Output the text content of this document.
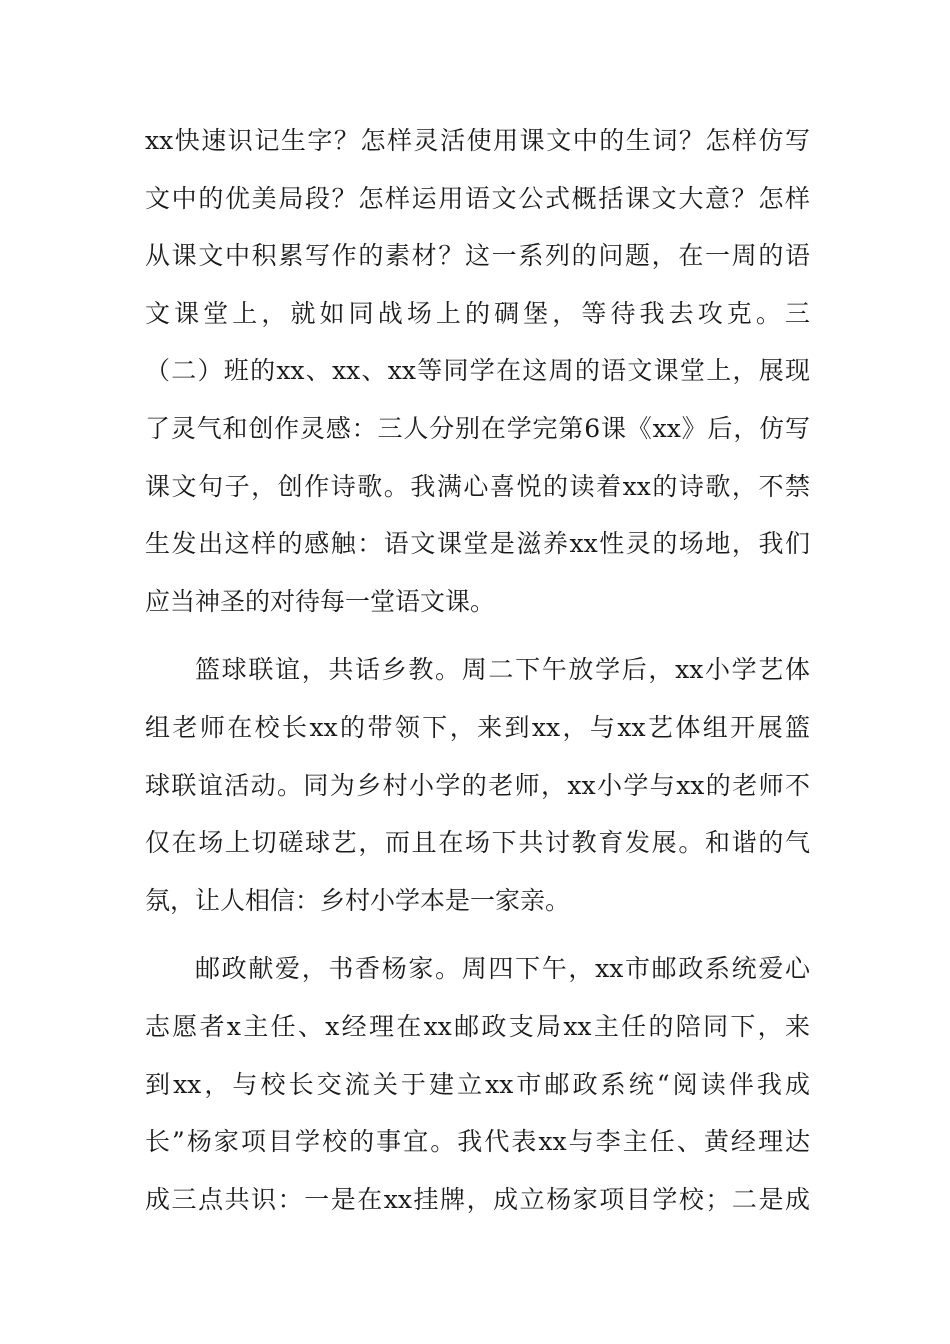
xx快速识记生字？怎样灵活使用课文中的生词？怎样仿写
文中的优美局段？怎样运用语文公式概括课文大意？怎样
从课文中积累写作的素材？这一系列的问题，在一周的语
文课堂上，就如同战场上的碉堡，等待我去攻克。三
（二）班的xx、xx、xx等同学在这周的语文课堂上，展现
了灵气和创作灵感：三人分别在学完第6课《xx》后，仿写
课文句子，创作诗歌。我满心喜悦的读着xx的诗歌，不禁
生发出这样的感触：语文课堂是滋养xx性灵的场地，我们
应当神圣的对待每一堂语文课。
篮球联谊，共话乡教。周二下午放学后，xx小学艺体
组老师在校长xx的带领下，来到xx，与xx艺体组开展篮
球联谊活动。同为乡村小学的老师，xx小学与xx的老师不
仅在场上切磋球艺，而且在场下共讨教育发展。和谐的气
氛，让人相信：乡村小学本是一家亲。
邮政献爱，书香杨家。周四下午，xx市邮政系统爱心
志愿者x主任、x经理在xx邮政支局xx主任的陪同下，来
到xx，与校长交流关于建立xx市邮政系统“阅读伴我成
长”杨家项目学校的事宜。我代表xx与李主任、黄经理达
成三点共识：一是在xx挂牌，成立杨家项目学校；二是成
